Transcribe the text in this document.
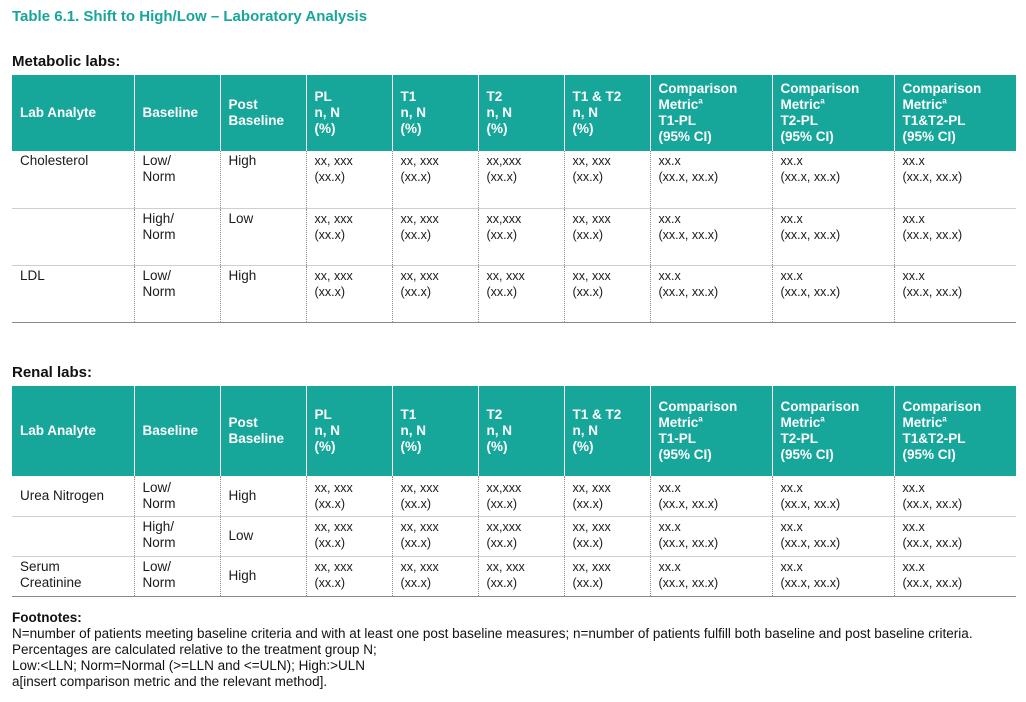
Table 6.1. Shift to High/Low – Laboratory Analysis
Metabolic labs:
Lab Analyte	Baseline	Post
Baseline	PL
n, N
(%)	T1
n, N
(%)	T2
n, N
(%)	T1 & T2
n, N
(%)	Comparison
Metric$^a$
T1-PL
(95% CI)	Comparison
Metric$^a$
T2-PL
(95% CI)	Comparison
Metric$^a$
T1&T2-PL
(95% CI)

Cholesterol	Low/
Norm	High	xx, xxx
(xx.x)	xx, xxx
(xx.x)	xx,xxx
(xx.x)	xx, xxx
(xx.x)	xx.x
(xx.x, xx.x)	xx.x
(xx.x, xx.x)	xx.x
(xx.x, xx.x)

	High/
Norm	Low	xx, xxx
(xx.x)	xx, xxx
(xx.x)	xx,xxx
(xx.x)	xx, xxx
(xx.x)	xx.x
(xx.x, xx.x)	xx.x
(xx.x, xx.x)	xx.x
(xx.x, xx.x)

LDL	Low/
Norm	High	xx, xxx
(xx.x)	xx, xxx
(xx.x)	xx, xxx
(xx.x)	xx, xxx
(xx.x)	xx.x
(xx.x, xx.x)	xx.x
(xx.x, xx.x)	xx.x
(xx.x, xx.x)
Renal labs:
Lab Analyte	Baseline	Post
Baseline	PL
n, N
(%)	T1
n, N
(%)	T2
n, N
(%)	T1 & T2
n, N
(%)	Comparison
Metric$^a$
T1-PL
(95% CI)	Comparison
Metric$^a$
T2-PL
(95% CI)	Comparison
Metric$^a$
T1&T2-PL
(95% CI)

Urea Nitrogen	Low/
Norm	High	xx, xxx
(xx.x)	xx, xxx
(xx.x)	xx,xxx
(xx.x)	xx, xxx
(xx.x)	xx.x
(xx.x, xx.x)	xx.x
(xx.x, xx.x)	xx.x
(xx.x, xx.x)

	High/
Norm	Low	xx, xxx
(xx.x)	xx, xxx
(xx.x)	xx,xxx
(xx.x)	xx, xxx
(xx.x)	xx.x
(xx.x, xx.x)	xx.x
(xx.x, xx.x)	xx.x
(xx.x, xx.x)

Serum
Creatinine	Low/
Norm	High	xx, xxx
(xx.x)	xx, xxx
(xx.x)	xx, xxx
(xx.x)	xx, xxx
(xx.x)	xx.x
(xx.x, xx.x)	xx.x
(xx.x, xx.x)	xx.x
(xx.x, xx.x)
Footnotes:
N=number of patients meeting baseline criteria and with at least one post baseline measures; n=number of patients fulfill both baseline and post baseline criteria. Percentages are calculated relative to the treatment group N;
Low:<LLN; Norm=Normal (>=LLN and <=ULN); High:>ULN
a[insert comparison metric and the relevant method].
